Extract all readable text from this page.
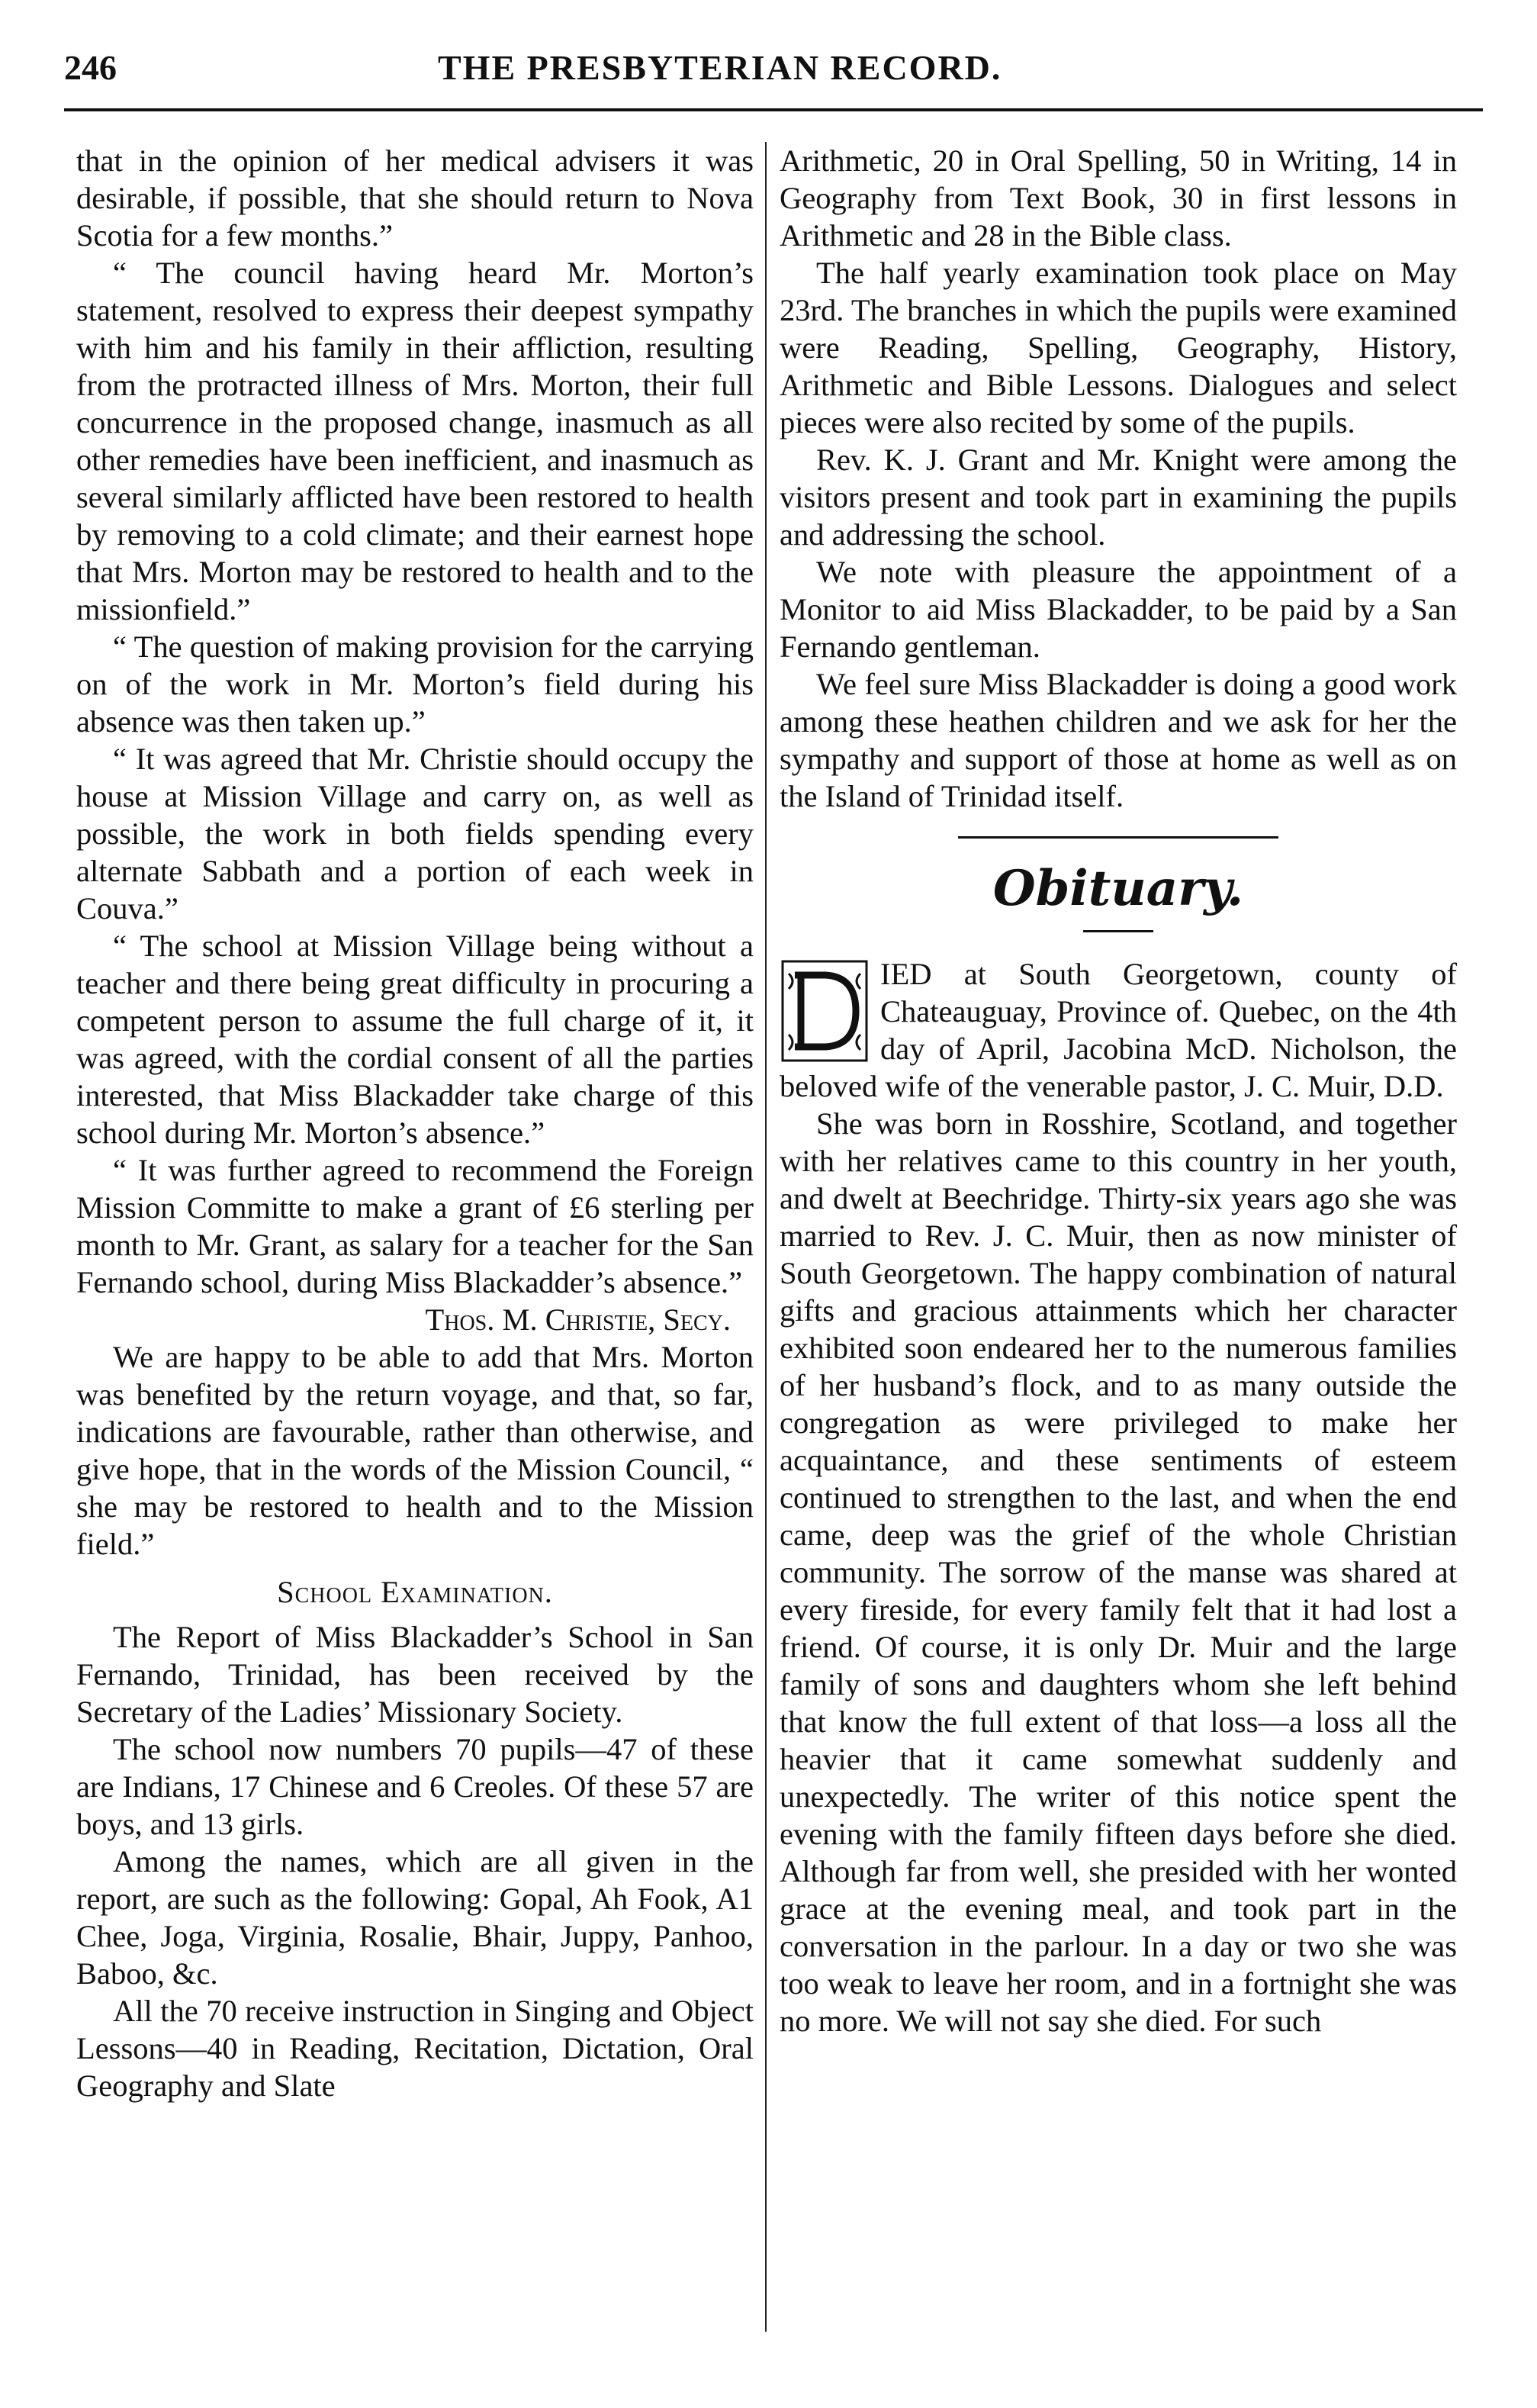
246	THE PRESBYTERIAN RECORD.

that in the opinion of her medical advisers it was desirable, if possible, that she should return to Nova Scotia for a few months.”

“ The council having heard Mr. Morton’s statement, resolved to express their deepest sympathy with him and his family in their affliction, resulting from the protracted illness of Mrs. Morton, their full concurrence in the proposed change, inasmuch as all other remedies have been inefficient, and inasmuch as several similarly afflicted have been restored to health by removing to a cold climate; and their earnest hope that Mrs. Morton may be restored to health and to the missionfield.”

“ The question of making provision for the carrying on of the work in Mr. Morton’s field during his absence was then taken up.”

“ It was agreed that Mr. Christie should occupy the house at Mission Village and carry on, as well as possible, the work in both fields spending every alternate Sabbath and a portion of each week in Couva.”

“ The school at Mission Village being without a teacher and there being great difficulty in procuring a competent person to assume the full charge of it, it was agreed, with the cordial consent of all the parties interested, that Miss Blackadder take charge of this school during Mr. Morton’s absence.”

“ It was further agreed to recommend the Foreign Mission Committe to make a grant of £6 sterling per month to Mr. Grant, as salary for a teacher for the San Fernando school, during Miss Blackadder’s absence.”

Thos. M. Christie, Secy.

We are happy to be able to add that Mrs. Morton was benefited by the return voyage, and that, so far, indications are favourable, rather than otherwise, and give hope, that in the words of the Mission Council, “ she may be restored to health and to the Mission field.”

School Examination.

The Report of Miss Blackadder’s School in San Fernando, Trinidad, has been received by the Secretary of the Ladies’ Missionary Society.

The school now numbers 70 pupils—47 of these are Indians, 17 Chinese and 6 Creoles. Of these 57 are boys, and 13 girls.

Among the names, which are all given in the report, are such as the following: Gopal, Ah Fook, A1 Chee, Joga, Virginia, Rosalie, Bhair, Juppy, Panhoo, Baboo, &c.

All the 70 receive instruction in Singing and Object Lessons—40 in Reading, Recitation, Dictation, Oral Geography and Slate

Arithmetic, 20 in Oral Spelling, 50 in Writing, 14 in Geography from Text Book, 30 in first lessons in Arithmetic and 28 in the Bible class.

The half yearly examination took place on May 23rd. The branches in which the pupils were examined were Reading, Spelling, Geography, History, Arithmetic and Bible Lessons. Dialogues and select pieces were also recited by some of the pupils.

Rev. K. J. Grant and Mr. Knight were among the visitors present and took part in examining the pupils and addressing the school.

We note with pleasure the appointment of a Monitor to aid Miss Blackadder, to be paid by a San Fernando gentleman.

We feel sure Miss Blackadder is doing a good work among these heathen children and we ask for her the sympathy and support of those at home as well as on the Island of Trinidad itself.

Obituary.

IED at South Georgetown, county of Chateauguay, Province of. Quebec, on the 4th day of April, Jacobina McD. Nicholson, the beloved wife of the venerable pastor, J. C. Muir, D.D.

She was born in Rosshire, Scotland, and together with her relatives came to this country in her youth, and dwelt at Beechridge. Thirty-six years ago she was married to Rev. J. C. Muir, then as now minister of South Georgetown. The happy combination of natural gifts and gracious attainments which her character exhibited soon endeared her to the numerous families of her husband’s flock, and to as many outside the congregation as were privileged to make her acquaintance, and these sentiments of esteem continued to strengthen to the last, and when the end came, deep was the grief of the whole Christian community. The sorrow of the manse was shared at every fireside, for every family felt that it had lost a friend. Of course, it is only Dr. Muir and the large family of sons and daughters whom she left behind that know the full extent of that loss—a loss all the heavier that it came somewhat suddenly and unexpectedly. The writer of this notice spent the evening with the family fifteen days before she died. Although far from well, she presided with her wonted grace at the evening meal, and took part in the conversation in the parlour. In a day or two she was too weak to leave her room, and in a fortnight she was no more. We will not say she died. For such
